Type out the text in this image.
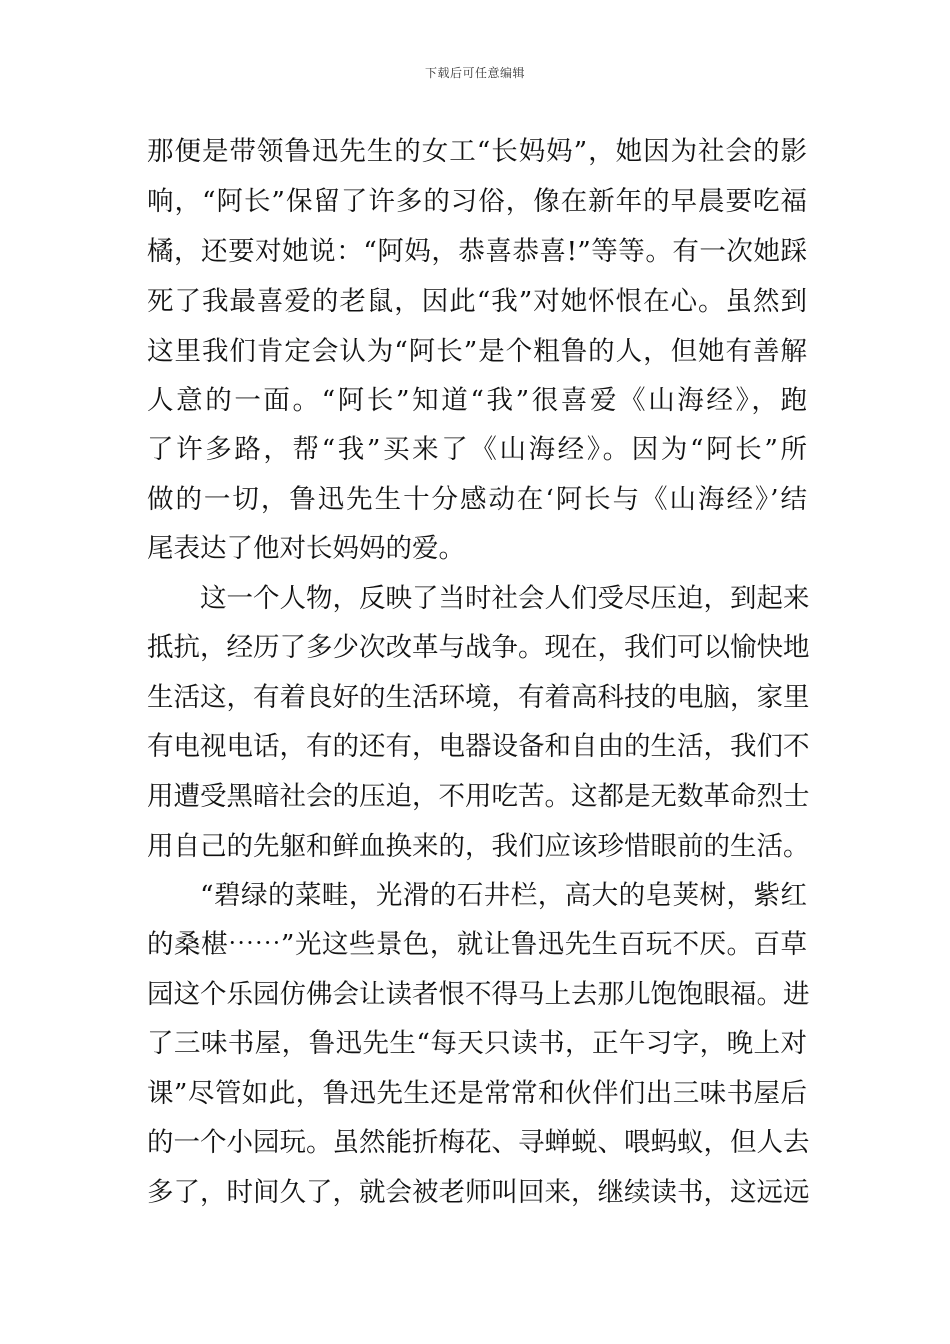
下载后可任意编辑
那便是带领鲁迅先生的女工“长妈妈”，她因为社会的影
响，“阿长”保留了许多的习俗，像在新年的早晨要吃福
橘，还要对她说：“阿妈，恭喜恭喜!”等等。有一次她踩
死了我最喜爱的老鼠，因此“我”对她怀恨在心。虽然到
这里我们肯定会认为“阿长”是个粗鲁的人，但她有善解
人意的一面。“阿长”知道“我”很喜爱《山海经》，跑
了许多路，帮“我”买来了《山海经》。因为“阿长”所
做的一切，鲁迅先生十分感动在‘阿长与《山海经》’结
尾表达了他对长妈妈的爱。
这一个人物，反映了当时社会人们受尽压迫，到起来
抵抗，经历了多少次改革与战争。现在，我们可以愉快地
生活这，有着良好的生活环境，有着高科技的电脑，家里
有电视电话，有的还有，电器设备和自由的生活，我们不
用遭受黑暗社会的压迫，不用吃苦。这都是无数革命烈士
用自己的先躯和鲜血换来的，我们应该珍惜眼前的生活。
“碧绿的菜畦，光滑的石井栏，高大的皂荚树，紫红
的桑椹⋯⋯”光这些景色，就让鲁迅先生百玩不厌。百草
园这个乐园仿佛会让读者恨不得马上去那儿饱饱眼福。进
了三味书屋，鲁迅先生“每天只读书，正午习字，晚上对
课”尽管如此，鲁迅先生还是常常和伙伴们出三味书屋后
的一个小园玩。虽然能折梅花、寻蝉蜕、喂蚂蚁，但人去
多了，时间久了，就会被老师叫回来，继续读书，这远远
